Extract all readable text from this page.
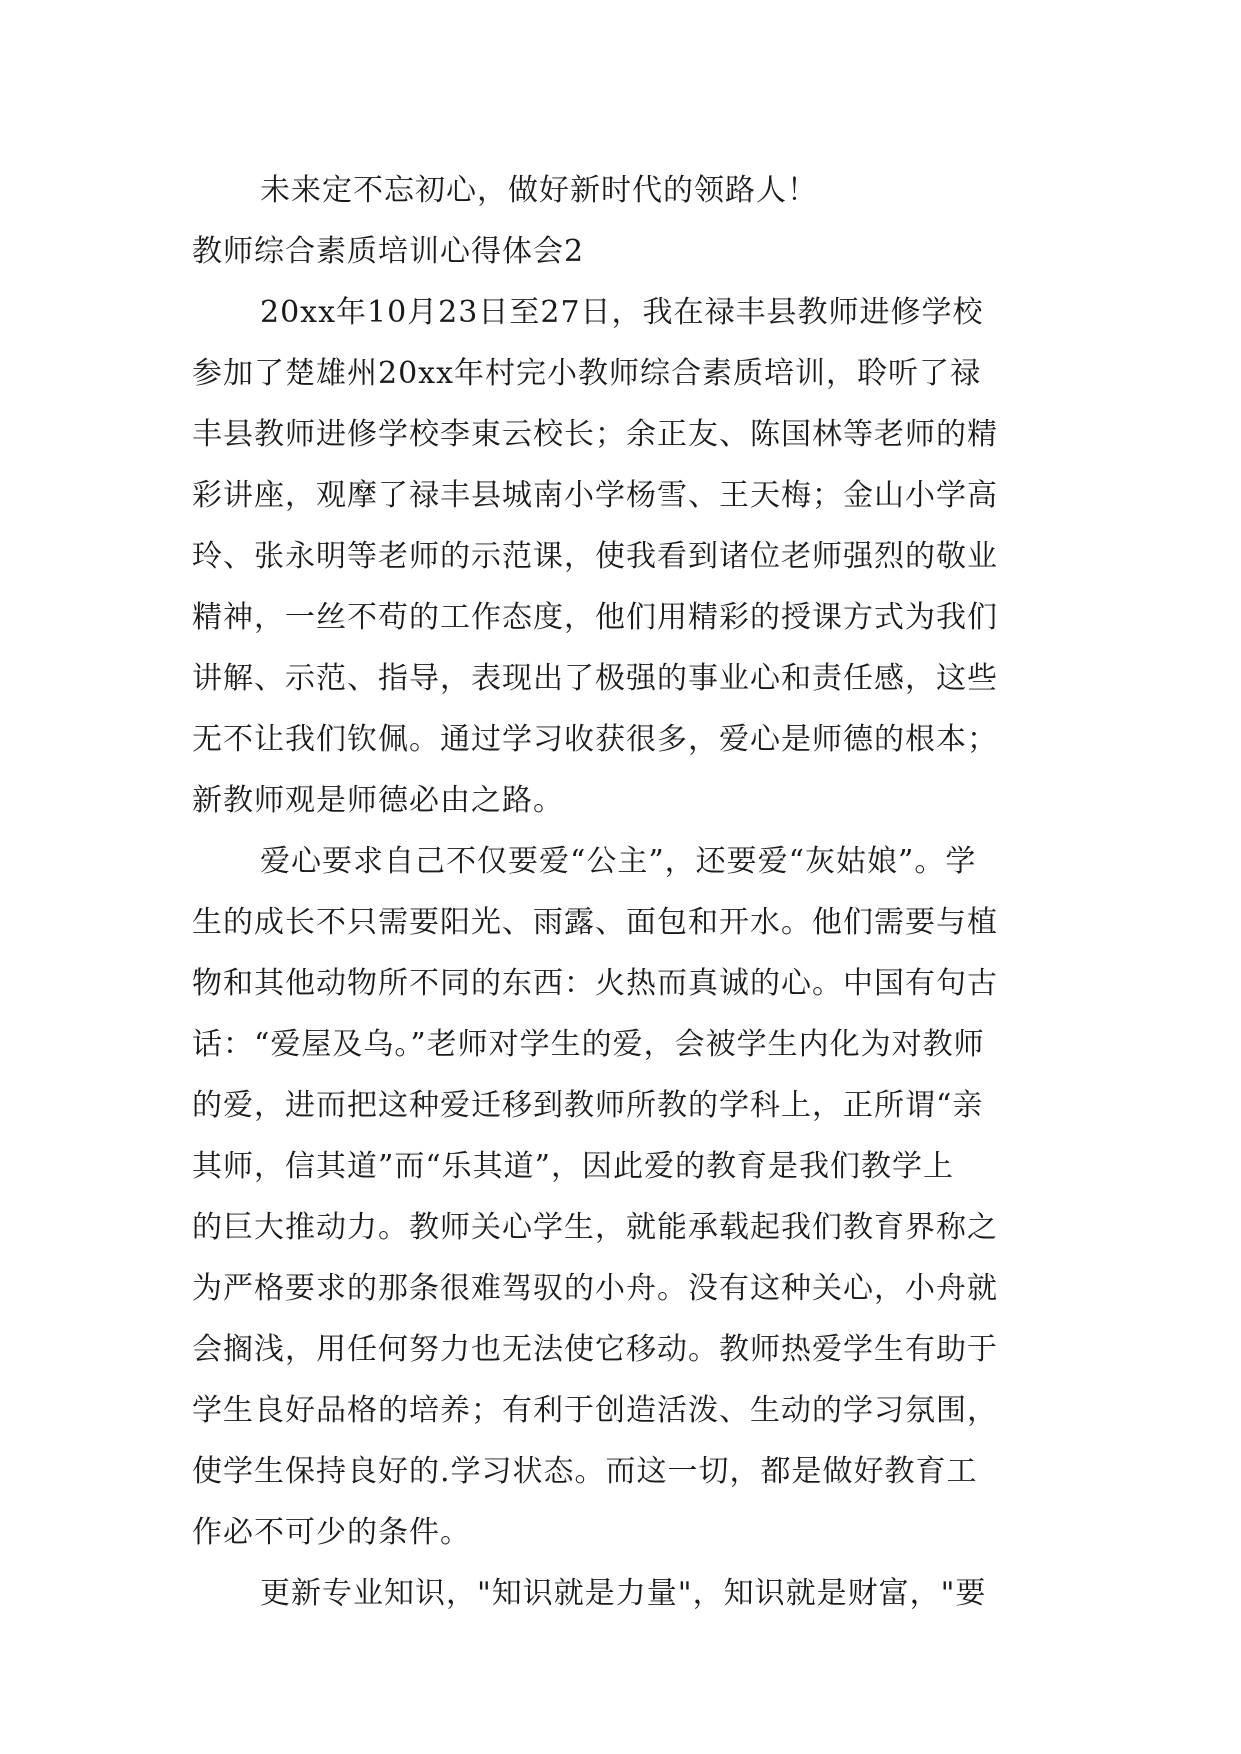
未来定不忘初心，做好新时代的领路人！
教师综合素质培训心得体会2
20xx年10月23日至27日，我在禄丰县教师进修学校
参加了楚雄州20xx年村完小教师综合素质培训，聆听了禄
丰县教师进修学校李東云校长；余正友、陈国林等老师的精
彩讲座，观摩了禄丰县城南小学杨雪、王天梅；金山小学高
玲、张永明等老师的示范课，使我看到诸位老师强烈的敬业
精神，一丝不苟的工作态度，他们用精彩的授课方式为我们
讲解、示范、指导，表现出了极强的事业心和责任感，这些
无不让我们钦佩。通过学习收获很多，爱心是师德的根本；
新教师观是师德必由之路。
爱心要求自己不仅要爱“公主”，还要爱“灰姑娘”。学
生的成长不只需要阳光、雨露、面包和开水。他们需要与植
物和其他动物所不同的东西：火热而真诚的心。中国有句古
话：“爱屋及乌。”老师对学生的爱，会被学生内化为对教师
的爱，进而把这种爱迁移到教师所教的学科上，正所谓“亲
其师，信其道”而“乐其道”，因此爱的教育是我们教学上
的巨大推动力。教师关心学生，就能承载起我们教育界称之
为严格要求的那条很难驾驭的小舟。没有这种关心，小舟就
会搁浅，用任何努力也无法使它移动。教师热爱学生有助于
学生良好品格的培养；有利于创造活泼、生动的学习氛围，
使学生保持良好的.学习状态。而这一切，都是做好教育工
作必不可少的条件。
更新专业知识，"知识就是力量"，知识就是财富，"要
